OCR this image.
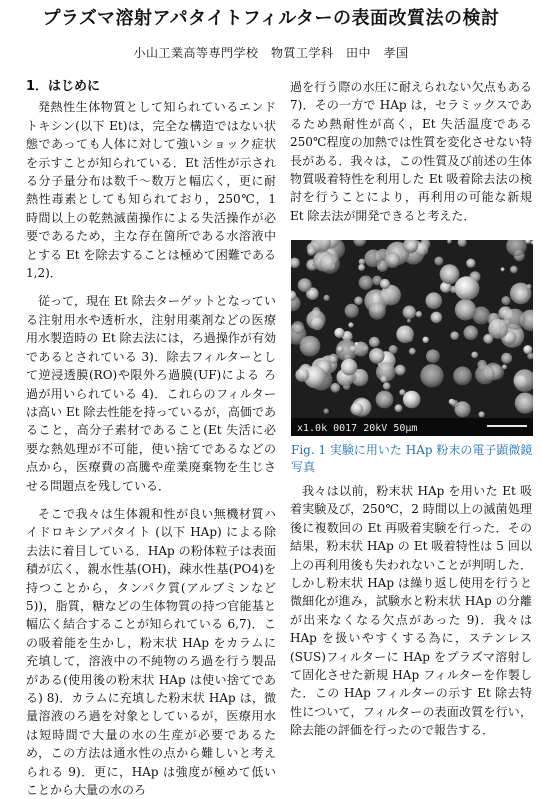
プラズマ溶射アパタイトフィルターの表面改質法の検討
小山工業高等専門学校　物質工学科　田中　孝国

1．はじめに

発熱性生体物質として知られているエンドトキシン(以下 Et)は，完全な構造ではない状態であっても人体に対して強いショック症状を示すことが知られている．Et 活性が示される分子量分布は数千～数万と幅広く，更に耐熱性毒素としても知られており，250℃，1 時間以上の乾熱滅菌操作による失活操作が必要であるため，主な存在箇所である水溶液中とする Et を除去することは極めて困難である 1,2)．

従って，現在 Et 除去ターゲットとなっている注射用水や透析水，注射用薬剤などの医療用水製造時の Et 除去法には，ろ過操作が有効であるとされている 3)．除去フィルターとして逆浸透膜(RO)や限外ろ過膜(UF)による ろ過が用いられている 4)．これらのフィルターは高い Et 除去性能を持っているが，高価であること，高分子素材であること(Et 失活に必要な熱処理が不可能，使い捨てであるなどの点から，医療費の高騰や産業廃棄物を生じさせる問題点を残している．

そこで我々は生体親和性が良い無機材質ハイドロキシアパタイト (以下 HAp) による除去法に着目している．HAp の粉体粒子は表面積が広く，親水性基(OH)，疎水性基(PO4)を持つことから，タンパク質(アルブミンなど 5))，脂質，糖などの生体物質の持つ官能基と幅広く結合することが知られている 6,7)．この吸着能を生かし，粉末状 HAp をカラムに充填して，溶液中の不純物のろ過を行う製品がある(使用後の粉末状 HAp は使い捨てである) 8)．カラムに充填した粉末状 HAp は，微量溶液のろ過を対象としているが，医療用水は短時間で大量の水の生産が必要であるため，この方法は通水性の点から難しいと考えられる 9)．更に，HAp は強度が極めて低いことから大量の水のろ

過を行う際の水圧に耐えられない欠点もある 7)．その一方で HAp は，セラミックスであるため熱耐性が高く，Et 失活温度である 250℃程度の加熱では性質を変化させない特長がある．我々は，この性質及び前述の生体物質吸着特性を利用した Et 吸着除去法の検討を行うことにより，再利用の可能な新規 Et 除去法が開発できると考えた．

x1.0k 0017 20kV 50μm
Fig. 1 実験に用いた HAp 粉末の電子顕微鏡写真

我々は以前，粉末状 HAp を用いた Et 吸着実験及び，250℃，2 時間以上の滅菌処理後に複数回の Et 再吸着実験を行った．その結果，粉末状 HAp の Et 吸着特性は 5 回以上の再利用後も失われないことが判明した．しかし粉末状 HAp は繰り返し使用を行うと微細化が進み，試験水と粉末状 HAp の分離が出来なくなる欠点があった 9)．我々は HAp を扱いやすくする為に，ステンレス(SUS)フィルターに HAp をプラズマ溶射して固化させた新規 HAp フィルターを作製した．この HAp フィルターの示す Et 除去特性について，フィルターの表面改質を行い，除去能の評価を行ったので報告する．
